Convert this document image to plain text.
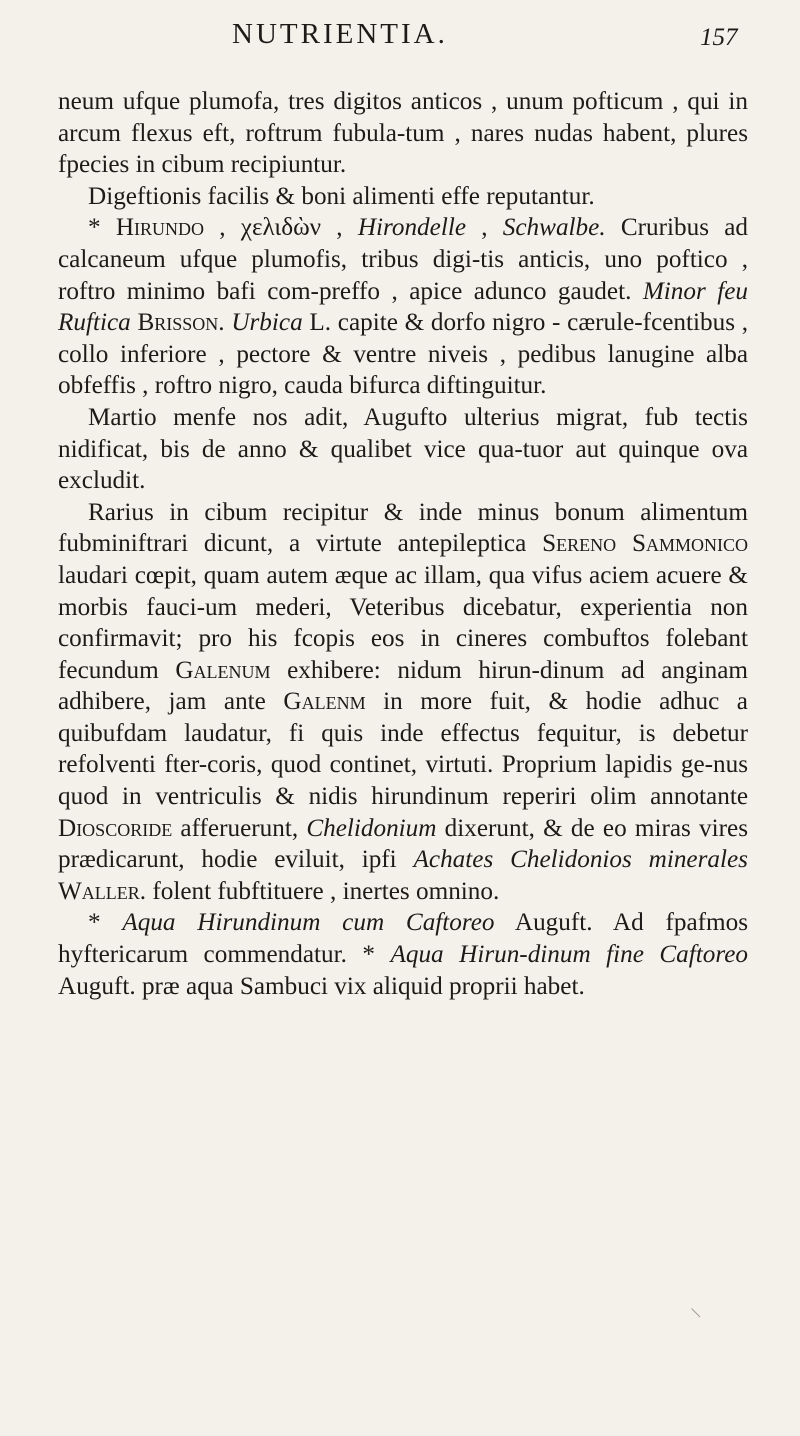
NUTRIENTIA.	157

neum ufque plumofa, tres digitos anticos , unum pofticum , qui in arcum flexus eft, roftrum fubula-tum , nares nudas habent, plures fpecies in cibum recipiuntur.

Digeftionis facilis & boni alimenti effe reputantur.

* Hirundo , χελιδὼν , Hirondelle , Schwalbe. Cruribus ad calcaneum ufque plumofis, tribus digi-tis anticis, uno poftico , roftro minimo bafi com-preffo , apice adunco gaudet. Minor feu Ruftica Brisson. Urbica L. capite & dorfo nigro - cærule-fcentibus , collo inferiore , pectore & ventre niveis , pedibus lanugine alba obfeffis , roftro nigro, cauda bifurca diftinguitur.

Martio menfe nos adit, Augufto ulterius migrat, fub tectis nidificat, bis de anno & qualibet vice qua-tuor aut quinque ova excludit.

Rarius in cibum recipitur & inde minus bonum alimentum fubminiftrari dicunt, a virtute antepileptica Sereno Sammonico laudari cœpit, quam autem æque ac illam, qua vifus aciem acuere & morbis fauci-um mederi, Veteribus dicebatur, experientia non confirmavit; pro his fcopis eos in cineres combuftos folebant fecundum Galenum exhibere: nidum hirun-dinum ad anginam adhibere, jam ante Galenm in more fuit, & hodie adhuc a quibufdam laudatur, fi quis inde effectus fequitur, is debetur refolventi fter-coris, quod continet, virtuti. Proprium lapidis ge-nus quod in ventriculis & nidis hirundinum reperiri olim annotante Dioscoride afferuerunt, Chelidonium dixerunt, & de eo miras vires prædicarunt, hodie eviluit, ipfi Achates Chelidonios minerales Waller. folent fubftituere , inertes omnino.

* Aqua Hirundinum cum Caftoreo Auguft. Ad fpafmos hyftericarum commendatur. * Aqua Hirun-dinum fine Caftoreo Auguft. præ aqua Sambuci vix aliquid proprii habet.
